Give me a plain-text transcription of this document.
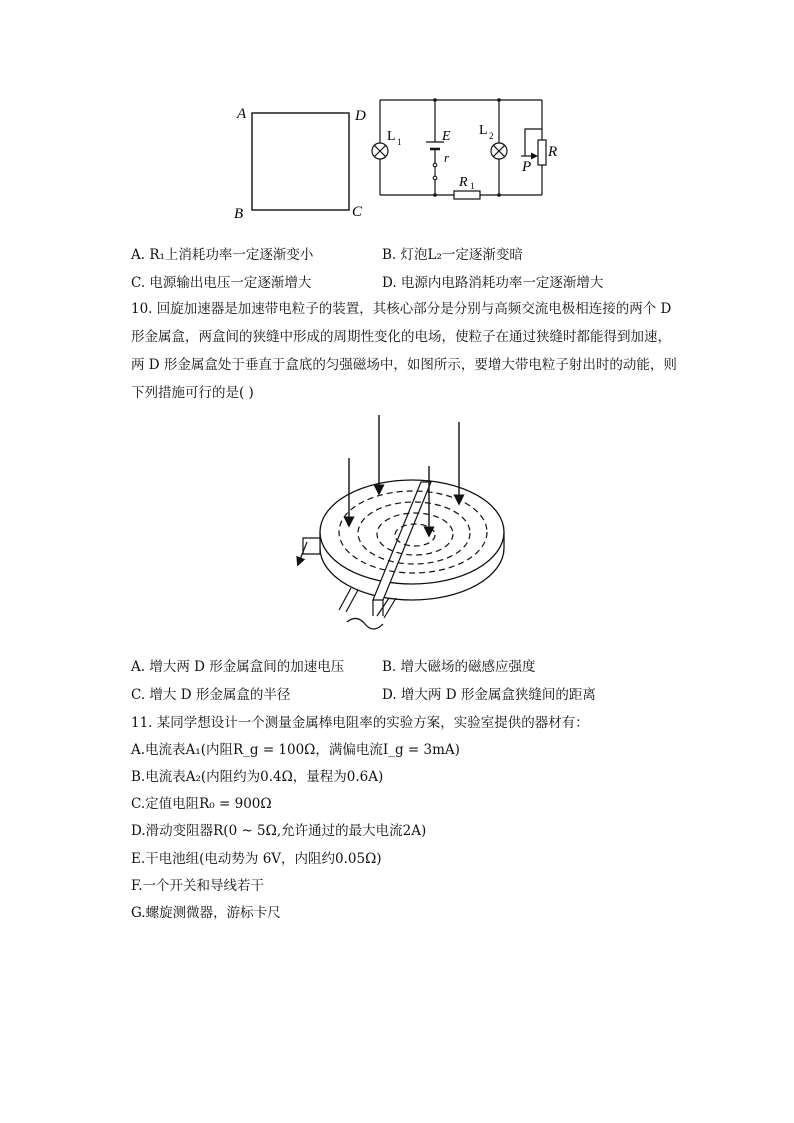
A	D
B	C
L 1	E
r
L 2
R 1
R
P
A. R₁上消耗功率一定逐渐变小	B. 灯泡L₂一定逐渐变暗
C. 电源输出电压一定逐渐增大	D. 电源内电路消耗功率一定逐渐增大
10. 回旋加速器是加速带电粒子的装置，其核心部分是分别与高频交流电极相连接的两个 D
形金属盒，两盒间的狭缝中形成的周期性变化的电场，使粒子在通过狭缝时都能得到加速，
两 D 形金属盒处于垂直于盒底的匀强磁场中，如图所示，要增大带电粒子射出时的动能，则
下列措施可行的是( )
A. 增大两 D 形金属盒间的加速电压	B. 增大磁场的磁感应强度
C. 增大 D 形金属盒的半径	D. 增大两 D 形金属盒狭缝间的距离
11. 某同学想设计一个测量金属棒电阻率的实验方案，实验室提供的器材有：
A.电流表A₁(内阻R_g = 100Ω，满偏电流I_g = 3mA)
B.电流表A₂(内阻约为0.4Ω，量程为0.6A)
C.定值电阻R₀ = 900Ω
D.滑动变阻器R(0 ~ 5Ω,允许通过的最大电流2A)
E.干电池组(电动势为 6V，内阻约0.05Ω)
F.一个开关和导线若干
G.螺旋测微器，游标卡尺
